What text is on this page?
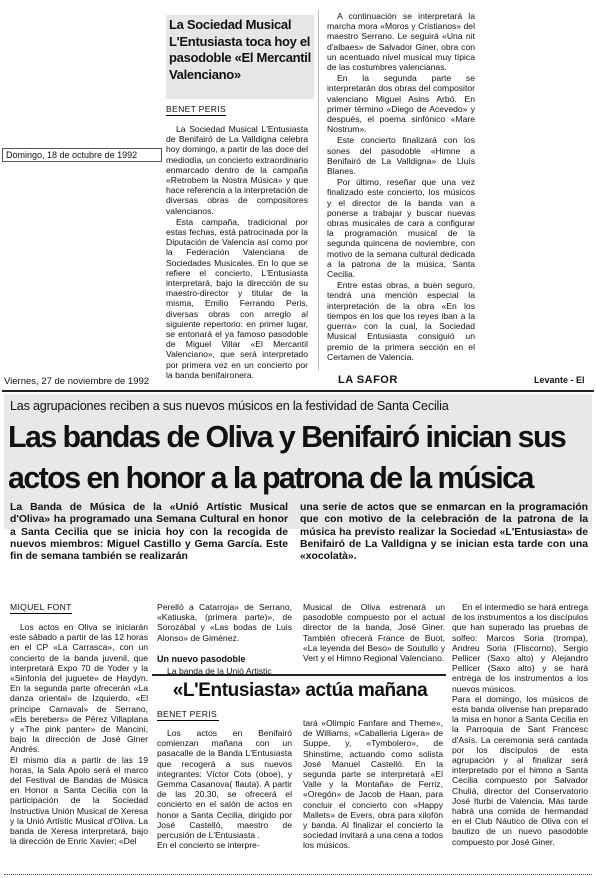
Domingo, 18 de octubre de 1992
La Sociedad Musical L'Entusiasta toca hoy el pasodoble «El Mercantil Valenciano»
BENET PERIS

La Sociedad Musical L'Entusiasta de Benifairó de La Valldigna celebra hoy domingo, a partir de las doce del mediodía, un concierto extraordinario enmarcado dentro de la campaña «Retrobem la Nostra Música» y que hace referencia a la interpretación de diversas obras de compositores valencianos.

Esta campaña, tradicional por estas fechas, está patrocinada por la Diputación de Valencia así como por la Federación Valenciana de Sociedades Musicales. En lo que se refiere el concierto, L'Entusiasta interpretará, bajo la dirección de su maestro-director y titular de la misma, Emilio Ferrando Peris, diversas obras con arreglo al siguiente repertorio: en primer lugar, se entonará el ya famoso pasodoble de Miguel Villar «El Mercantil Valenciano», que será interpretado por primera vez en un concierto por la banda benifaironera.

A continuación se interpretará la marcha mora «Moros y Cristianos» del maestro Serrano. Le seguirá «Una nit d'albaes» de Salvador Giner, obra con un acentuado nivel musical muy típica de las costumbres valencianas.

En la segunda parte se interpretarán dos obras del compositor valenciano Miguel Asins Arbó. En primer término «Diego de Acevedo» y después, el poema sinfónico «Mare Nostrum».

Este concierto finalizará con los sones del pasodoble «Himne a Benifairó de La Valldigna» de Lluís Blanes.

Por último, reseñar que una vez finalizado este concierto, los músicos y el director de la banda van a ponerse a trabajar y buscar nuevas obras musicales de cara a configurar la programación musical de la segunda quincena de noviembre, con motivo de la semana cultural dedicada a la patrona de la música, Santa Cecilia.

Entre estas obras, a buen seguro, tendrá una mención especial la interpretación de la obra «En los tiempos en los que los reyes iban a la guerra» con la cual, la Sociedad Musical Entusiasta consiguió un premio de la primera sección en el Certamen de Valencia.

Viernes, 27 de noviembre de 1992	LA SAFOR	Levante - El
Las agrupaciones reciben a sus nuevos músicos en la festividad de Santa Cecilia
Las bandas de Oliva y Benifairó inician sus
actos en honor a la patrona de la música
La Banda de Música de la «Unió Artístic Musical d'Oliva» ha programado una Semana Cultural en honor a Santa Cecilia que se inicia hoy con la recogida de nuevos miembros: Miguel Castillo y Gema García. Este fin de semana también se realizarán
una serie de actos que se enmarcan en la programación que con motivo de la celebración de la patrona de la música ha previsto realizar la Sociedad «L'Entusiasta» de Benifairó de La Valldigna y se inician esta tarde con una «xocolatà».
MIQUEL FONT
Los actos en Oliva se iniciarán este sábado a partir de las 12 horas en el CP «La Carrasca», con un concierto de la banda juvenil, que interpretará Expo 70 de Yoder y la «Sinfonía del juguete» de Haydyn. En la segunda parte ofrecerán «La danza oriental» de Izquierdo, «El príncipe Carnaval» de Serrano, «Els berebers» de Pérez Villaplana y «The pink panter» de Mancini, bajo la dirección de José Giner Andrés.
El mismo día a partir de las 19 horas, la Sala Apolo será el marco del Festival de Bandas de Música en Honor a Santa Cecilia con la participación de la Sociedad Instructiva Unión Musical de Xeresa y la Unió Artístic Musical d'Oliva. La banda de Xeresa interpretará, bajo la dirección de Enric Xavier; «Del
Perelló a Catarroja» de Serrano, «Katiuska, (primera parte)», de Sorozábal y «Las bodas de Luis Alonso» de Giménez.
Un nuevo pasodoble
La banda de la Unió Artistic
Musical de Oliva estrenará un pasodoble compuesto por el actual director de la banda, José Giner. También ofrecerá France de Buot, «La leyenda del Beso» de Soutullo y Vert y el Himno Regional Valenciano.
En el intermedio se hará entrega de los instrumentos a los discípulos que han superado las pruebas de solfeo: Marcos Soria (trompa), Andreu Soria (Fliscorno), Sergio Pellicer (Saxo alto) y Alejandro Pellicer (Saxo alto) y se hará entrega de los instrumentos a los nuevos músicos.
Para el domingo, los músicos de esta banda olivense han preparado la misa en honor a Santa Cecilia en la Parroquia de Sant Francesc d'Asís. La ceremonia será cantada por los discípulos de esta agrupación y al finalizar será interpretado por el himno a Santa Cecilia compuesto por Salvador Chuliá, director del Conservatorio José Iturbi de Valencia. Más tarde habrá una comida de hermandad en el Club Náutico de Oliva con el bautizo de un nuevo pasodoble compuesto por José Giner.
«L'Entusiasta» actúa mañana
BENET PERIS
Los actos en Benifairó comienzan mañana con un pasacalle de la Banda L'Entusiasta que recogerá a sus nuevos integrantes: Víctor Cots (oboe), y Gemma Casanova( flauta). A partir de las 20.30, se ofrecerá el concierto en el salón de actos en honor a Santa Cecilia, dirigido por José Castelló, maestro de percusión de L'Entusiasta .
En el concierto se interpre-
tará «Olimpic Fanfare and Theme», de Williams, «Caballeria Ligera» de Suppe, y, «Tymbolero», de Shinstime, actuando como solista José Manuel Castelló. En la segunda parte se interpretará «El Valle y la Montaña» de Ferriz, «Oregón» de Jacob de Haan, para concluir el concierto con «Happy Mallets» de Evers, obra para xilofón y banda. Al finalizar el concierto la sociedad invitará a una cena a todos los músicos.
